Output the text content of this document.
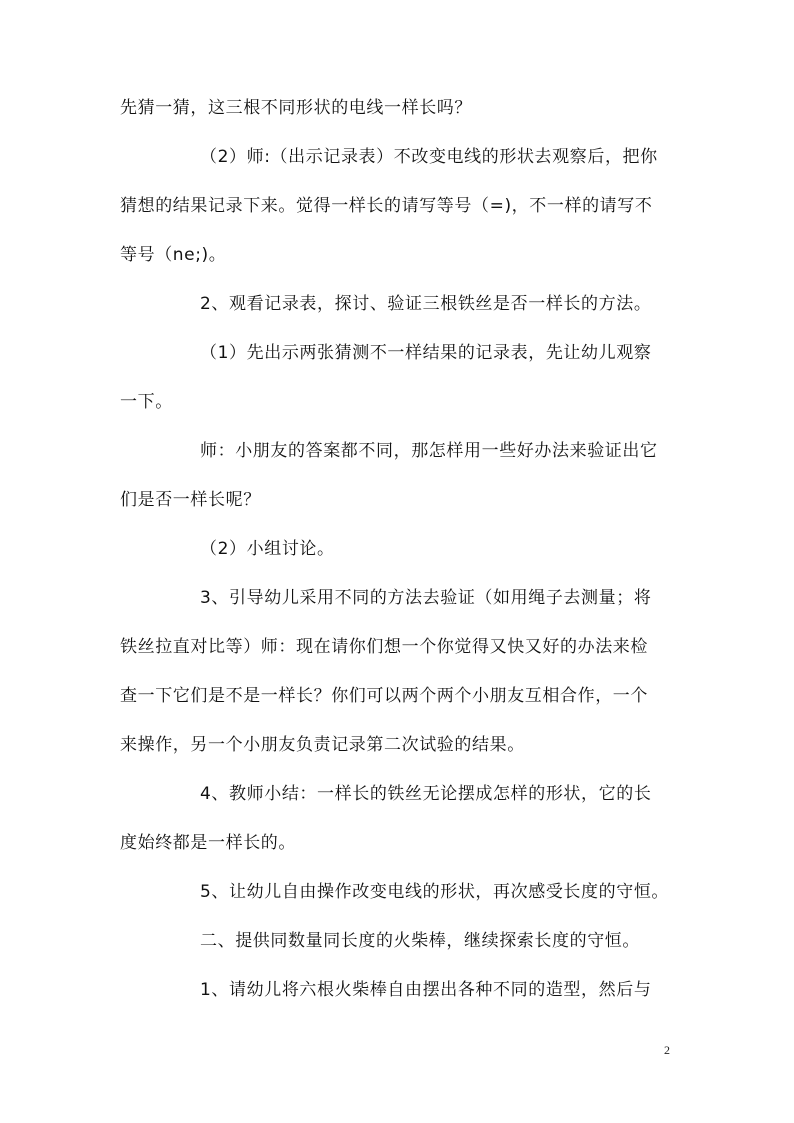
先猜一猜，这三根不同形状的电线一样长吗？
（2）师:（出示记录表）不改变电线的形状去观察后，把你
猜想的结果记录下来。觉得一样长的请写等号（=)，不一样的请写不
等号（ne;)。
2、观看记录表，探讨、验证三根铁丝是否一样长的方法。
（1）先出示两张猜测不一样结果的记录表，先让幼儿观察
一下。
师：小朋友的答案都不同，那怎样用一些好办法来验证出它
们是否一样长呢？
（2）小组讨论。
3、引导幼儿采用不同的方法去验证（如用绳子去测量；将
铁丝拉直对比等）师：现在请你们想一个你觉得又快又好的办法来检
查一下它们是不是一样长？你们可以两个两个小朋友互相合作，一个
来操作，另一个小朋友负责记录第二次试验的结果。
4、教师小结：一样长的铁丝无论摆成怎样的形状，它的长
度始终都是一样长的。
5、让幼儿自由操作改变电线的形状，再次感受长度的守恒。
二、提供同数量同长度的火柴棒，继续探索长度的守恒。
1、请幼儿将六根火柴棒自由摆出各种不同的造型，然后与
2
